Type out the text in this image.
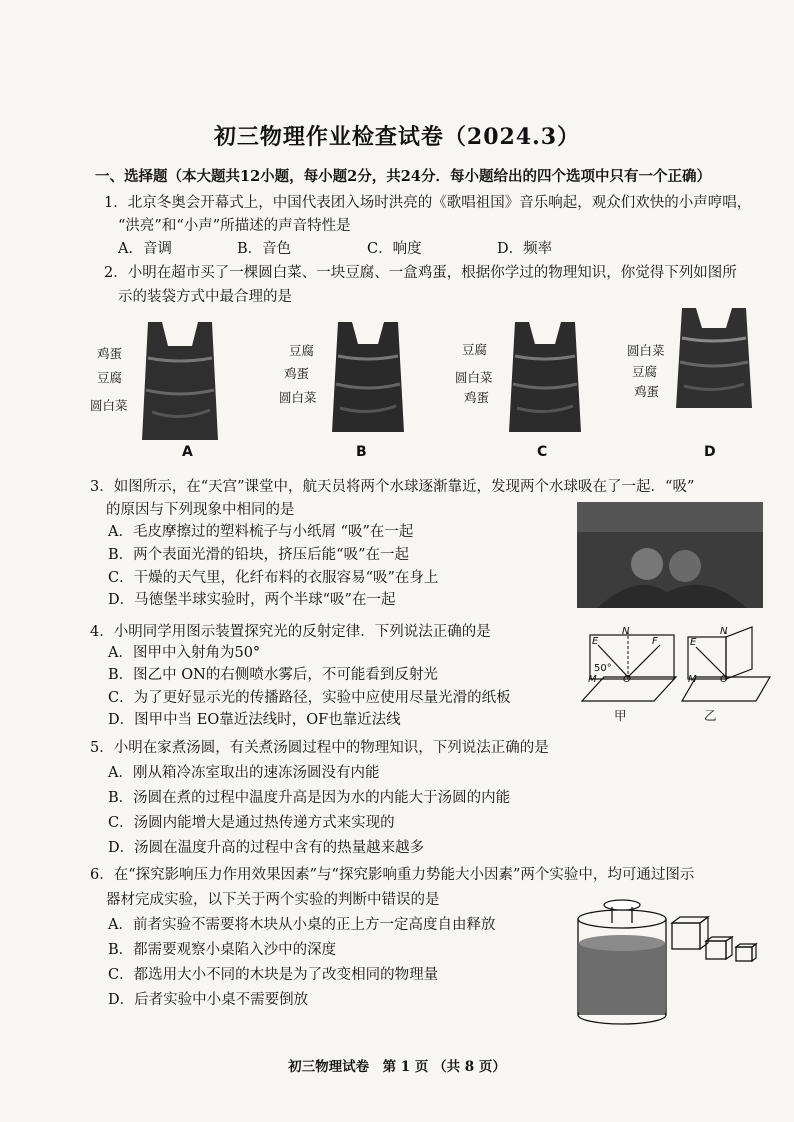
初三物理作业检查试卷（2024.3）
一、选择题（本大题共12小题，每小题2分，共24分．每小题给出的四个选项中只有一个正确）
1．北京冬奥会开幕式上，中国代表团入场时洪亮的《歌唱祖国》音乐响起，观众们欢快的小声哼唱，
“洪亮”和“小声”所描述的声音特性是
A．音调	B．音色	C．响度	D．频率
2．小明在超市买了一棵圆白菜、一块豆腐、一盒鸡蛋，根据你学过的物理知识，你觉得下列如图所
示的装袋方式中最合理的是
鸡蛋
豆腐
圆白菜
A
豆腐
鸡蛋
圆白菜
B
豆腐
圆白菜
鸡蛋
C
圆白菜
豆腐
鸡蛋
D
3．如图所示，在“天宫”课堂中，航天员将两个水球逐渐靠近，发现两个水球吸在了一起．“吸”
的原因与下列现象中相同的是
A．毛皮摩擦过的塑料梳子与小纸屑 “吸”在一起
B．两个表面光滑的铅块，挤压后能“吸”在一起
C．干燥的天气里，化纤布料的衣服容易“吸”在身上
D．马德堡半球实验时，两个半球“吸”在一起
4．小明同学用图示装置探究光的反射定律．下列说法正确的是
A．图甲中入射角为50°
B．图乙中 ON的右侧喷水雾后，不可能看到反射光
C．为了更好显示光的传播路径，实验中应使用尽量光滑的纸板
D．图甲中当 EO靠近法线时，OF也靠近法线
E
N
F
50°
M	O
E
N
M O
甲	乙
5．小明在家煮汤圆，有关煮汤圆过程中的物理知识，下列说法正确的是
A．刚从箱冷冻室取出的速冻汤圆没有内能
B．汤圆在煮的过程中温度升高是因为水的内能大于汤圆的内能
C．汤圆内能增大是通过热传递方式来实现的
D．汤圆在温度升高的过程中含有的热量越来越多
6．在“探究影响压力作用效果因素”与“探究影响重力势能大小因素”两个实验中，均可通过图示
器材完成实验，以下关于两个实验的判断中错误的是
A．前者实验不需要将木块从小桌的正上方一定高度自由释放
B．都需要观察小桌陷入沙中的深度
C．都选用大小不同的木块是为了改变相同的物理量
D．后者实验中小桌不需要倒放
初三物理试卷　第 1 页 （共 8 页）
